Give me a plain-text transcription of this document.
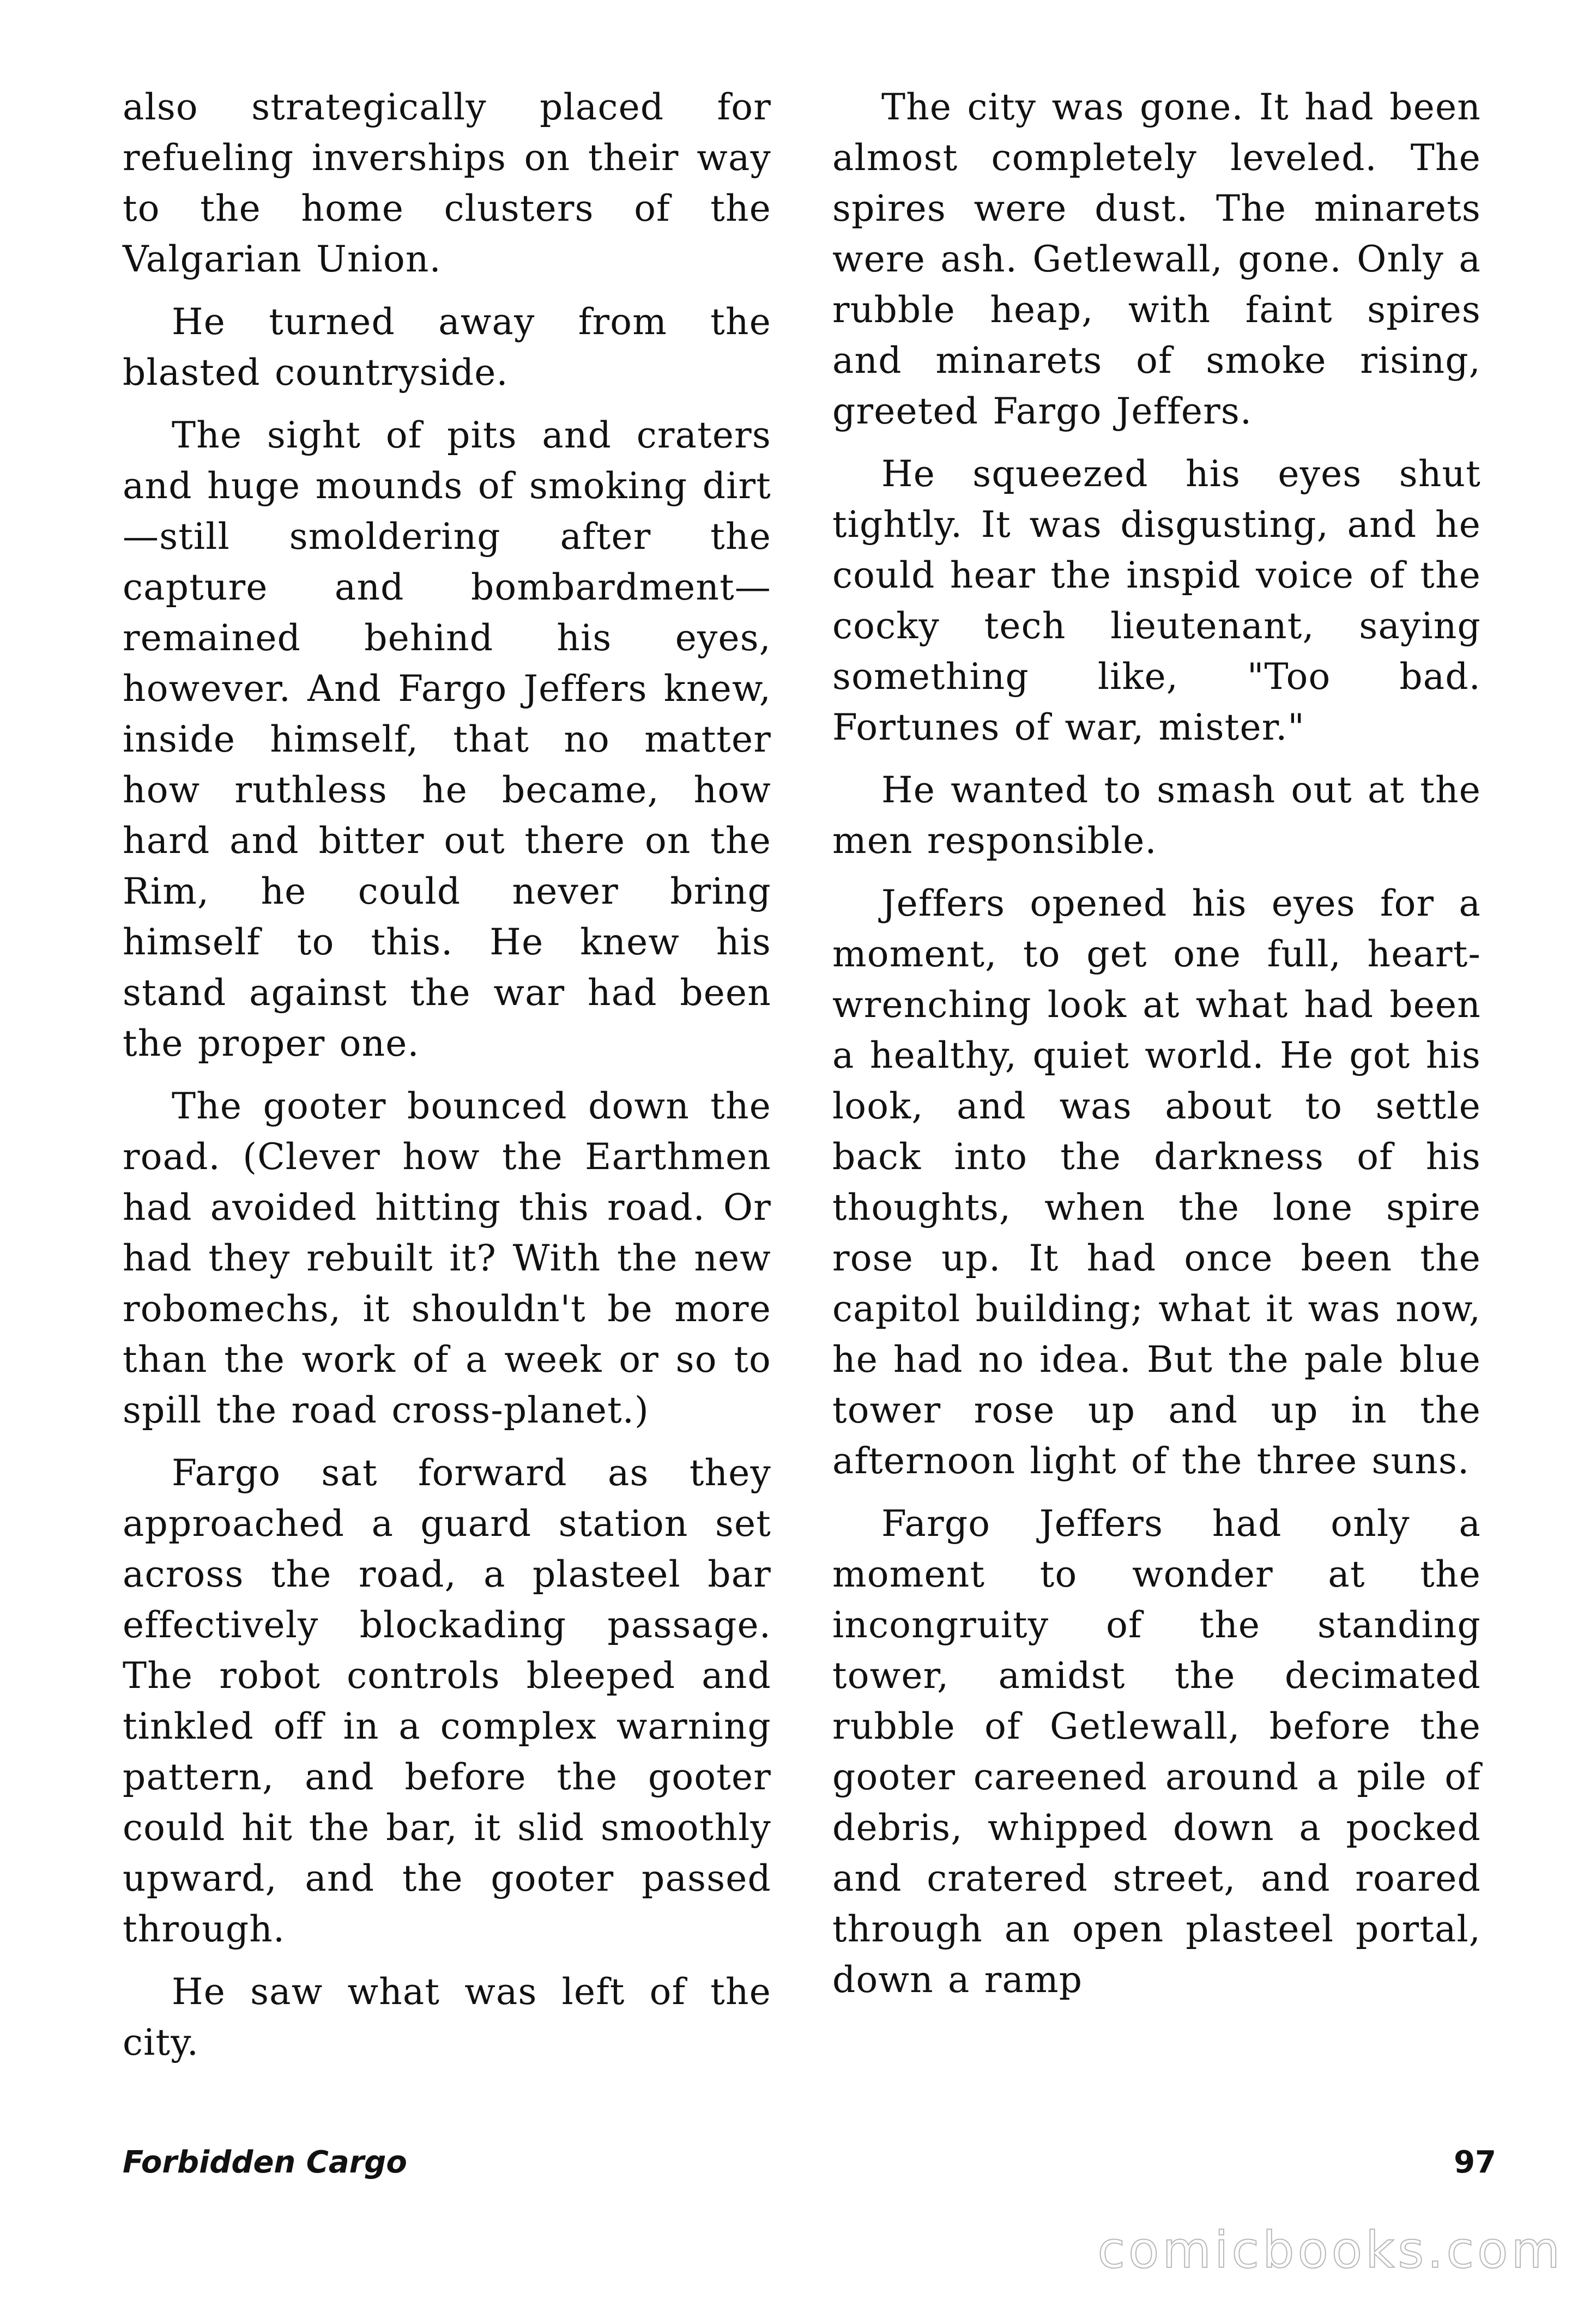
also strategically placed for refueling inverships on their way to the home clusters of the Valgarian Union.

He turned away from the blasted countryside.

The sight of pits and craters and huge mounds of smoking dirt—still smoldering after the capture and bombardment—remained behind his eyes, however. And Fargo Jeffers knew, inside himself, that no matter how ruthless he became, how hard and bitter out there on the Rim, he could never bring himself to this. He knew his stand against the war had been the proper one.

The gooter bounced down the road. (Clever how the Earthmen had avoided hitting this road. Or had they rebuilt it? With the new robomechs, it shouldn't be more than the work of a week or so to spill the road cross-planet.)

Fargo sat forward as they approached a guard station set across the road, a plasteel bar effectively blockading passage. The robot controls bleeped and tinkled off in a complex warning pattern, and before the gooter could hit the bar, it slid smoothly upward, and the gooter passed through.

He saw what was left of the city.

The city was gone. It had been almost completely leveled. The spires were dust. The minarets were ash. Getlewall, gone. Only a rubble heap, with faint spires and minarets of smoke rising, greeted Fargo Jeffers.

He squeezed his eyes shut tightly. It was disgusting, and he could hear the inspid voice of the cocky tech lieutenant, saying something like, "Too bad. Fortunes of war, mister."

He wanted to smash out at the men responsible.

Jeffers opened his eyes for a moment, to get one full, heart-wrenching look at what had been a healthy, quiet world. He got his look, and was about to settle back into the darkness of his thoughts, when the lone spire rose up. It had once been the capitol building; what it was now, he had no idea. But the pale blue tower rose up and up in the afternoon light of the three suns.

Fargo Jeffers had only a moment to wonder at the incongruity of the standing tower, amidst the decimated rubble of Getlewall, before the gooter careened around a pile of debris, whipped down a pocked and cratered street, and roared through an open plasteel portal, down a ramp

Forbidden Cargo	97
comicbooks.com
